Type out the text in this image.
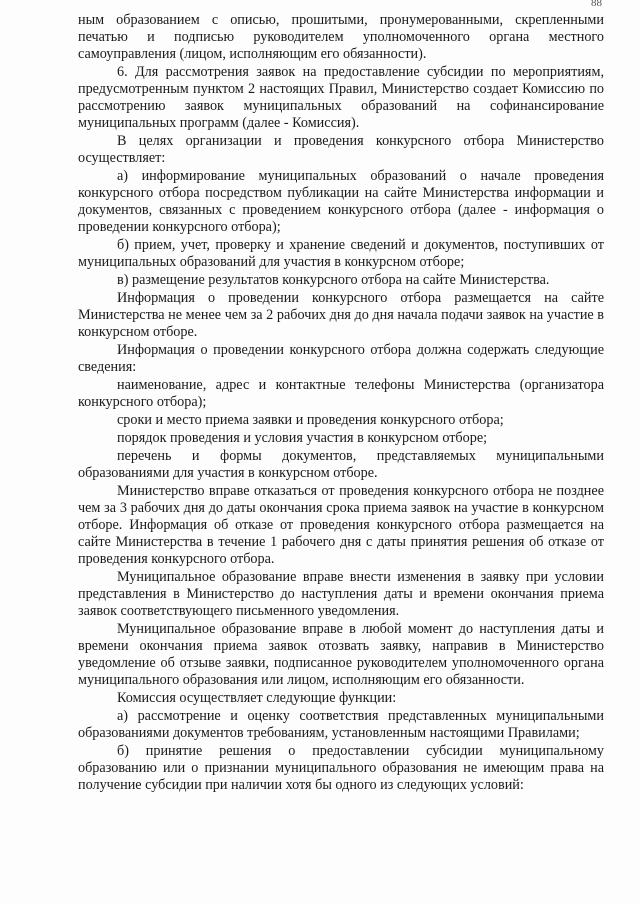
88

ным образованием с описью, прошитыми, пронумерованными, скрепленными печатью и подписью руководителем уполномоченного органа местного самоуправления (лицом, исполняющим его обязанности).

6. Для рассмотрения заявок на предоставление субсидии по мероприятиям, предусмотренным пунктом 2 настоящих Правил, Министерство создает Комиссию по рассмотрению заявок муниципальных образований на софинансирование муниципальных программ (далее - Комиссия).

В целях организации и проведения конкурсного отбора Министерство осуществляет:

а) информирование муниципальных образований о начале проведения конкурсного отбора посредством публикации на сайте Министерства информации и документов, связанных с проведением конкурсного отбора (далее - информация о проведении конкурсного отбора);

б) прием, учет, проверку и хранение сведений и документов, поступивших от муниципальных образований для участия в конкурсном отборе;

в) размещение результатов конкурсного отбора на сайте Министерства.

Информация о проведении конкурсного отбора размещается на сайте Министерства не менее чем за 2 рабочих дня до дня начала подачи заявок на участие в конкурсном отборе.

Информация о проведении конкурсного отбора должна содержать следующие сведения:

наименование, адрес и контактные телефоны Министерства (организатора конкурсного отбора);

сроки и место приема заявки и проведения конкурсного отбора;

порядок проведения и условия участия в конкурсном отборе;

перечень и формы документов, представляемых муниципальными образованиями для участия в конкурсном отборе.

Министерство вправе отказаться от проведения конкурсного отбора не позднее чем за 3 рабочих дня до даты окончания срока приема заявок на участие в конкурсном отборе. Информация об отказе от проведения конкурсного отбора размещается на сайте Министерства в течение 1 рабочего дня с даты принятия решения об отказе от проведения конкурсного отбора.

Муниципальное образование вправе внести изменения в заявку при условии представления в Министерство до наступления даты и времени окончания приема заявок соответствующего письменного уведомления.

Муниципальное образование вправе в любой момент до наступления даты и времени окончания приема заявок отозвать заявку, направив в Министерство уведомление об отзыве заявки, подписанное руководителем уполномоченного органа муниципального образования или лицом, исполняющим его обязанности.

Комиссия осуществляет следующие функции:

а) рассмотрение и оценку соответствия представленных муниципальными образованиями документов требованиям, установленным настоящими Правилами;

б) принятие решения о предоставлении субсидии муниципальному образованию или о признании муниципального образования не имеющим права на получение субсидии при наличии хотя бы одного из следующих условий:
